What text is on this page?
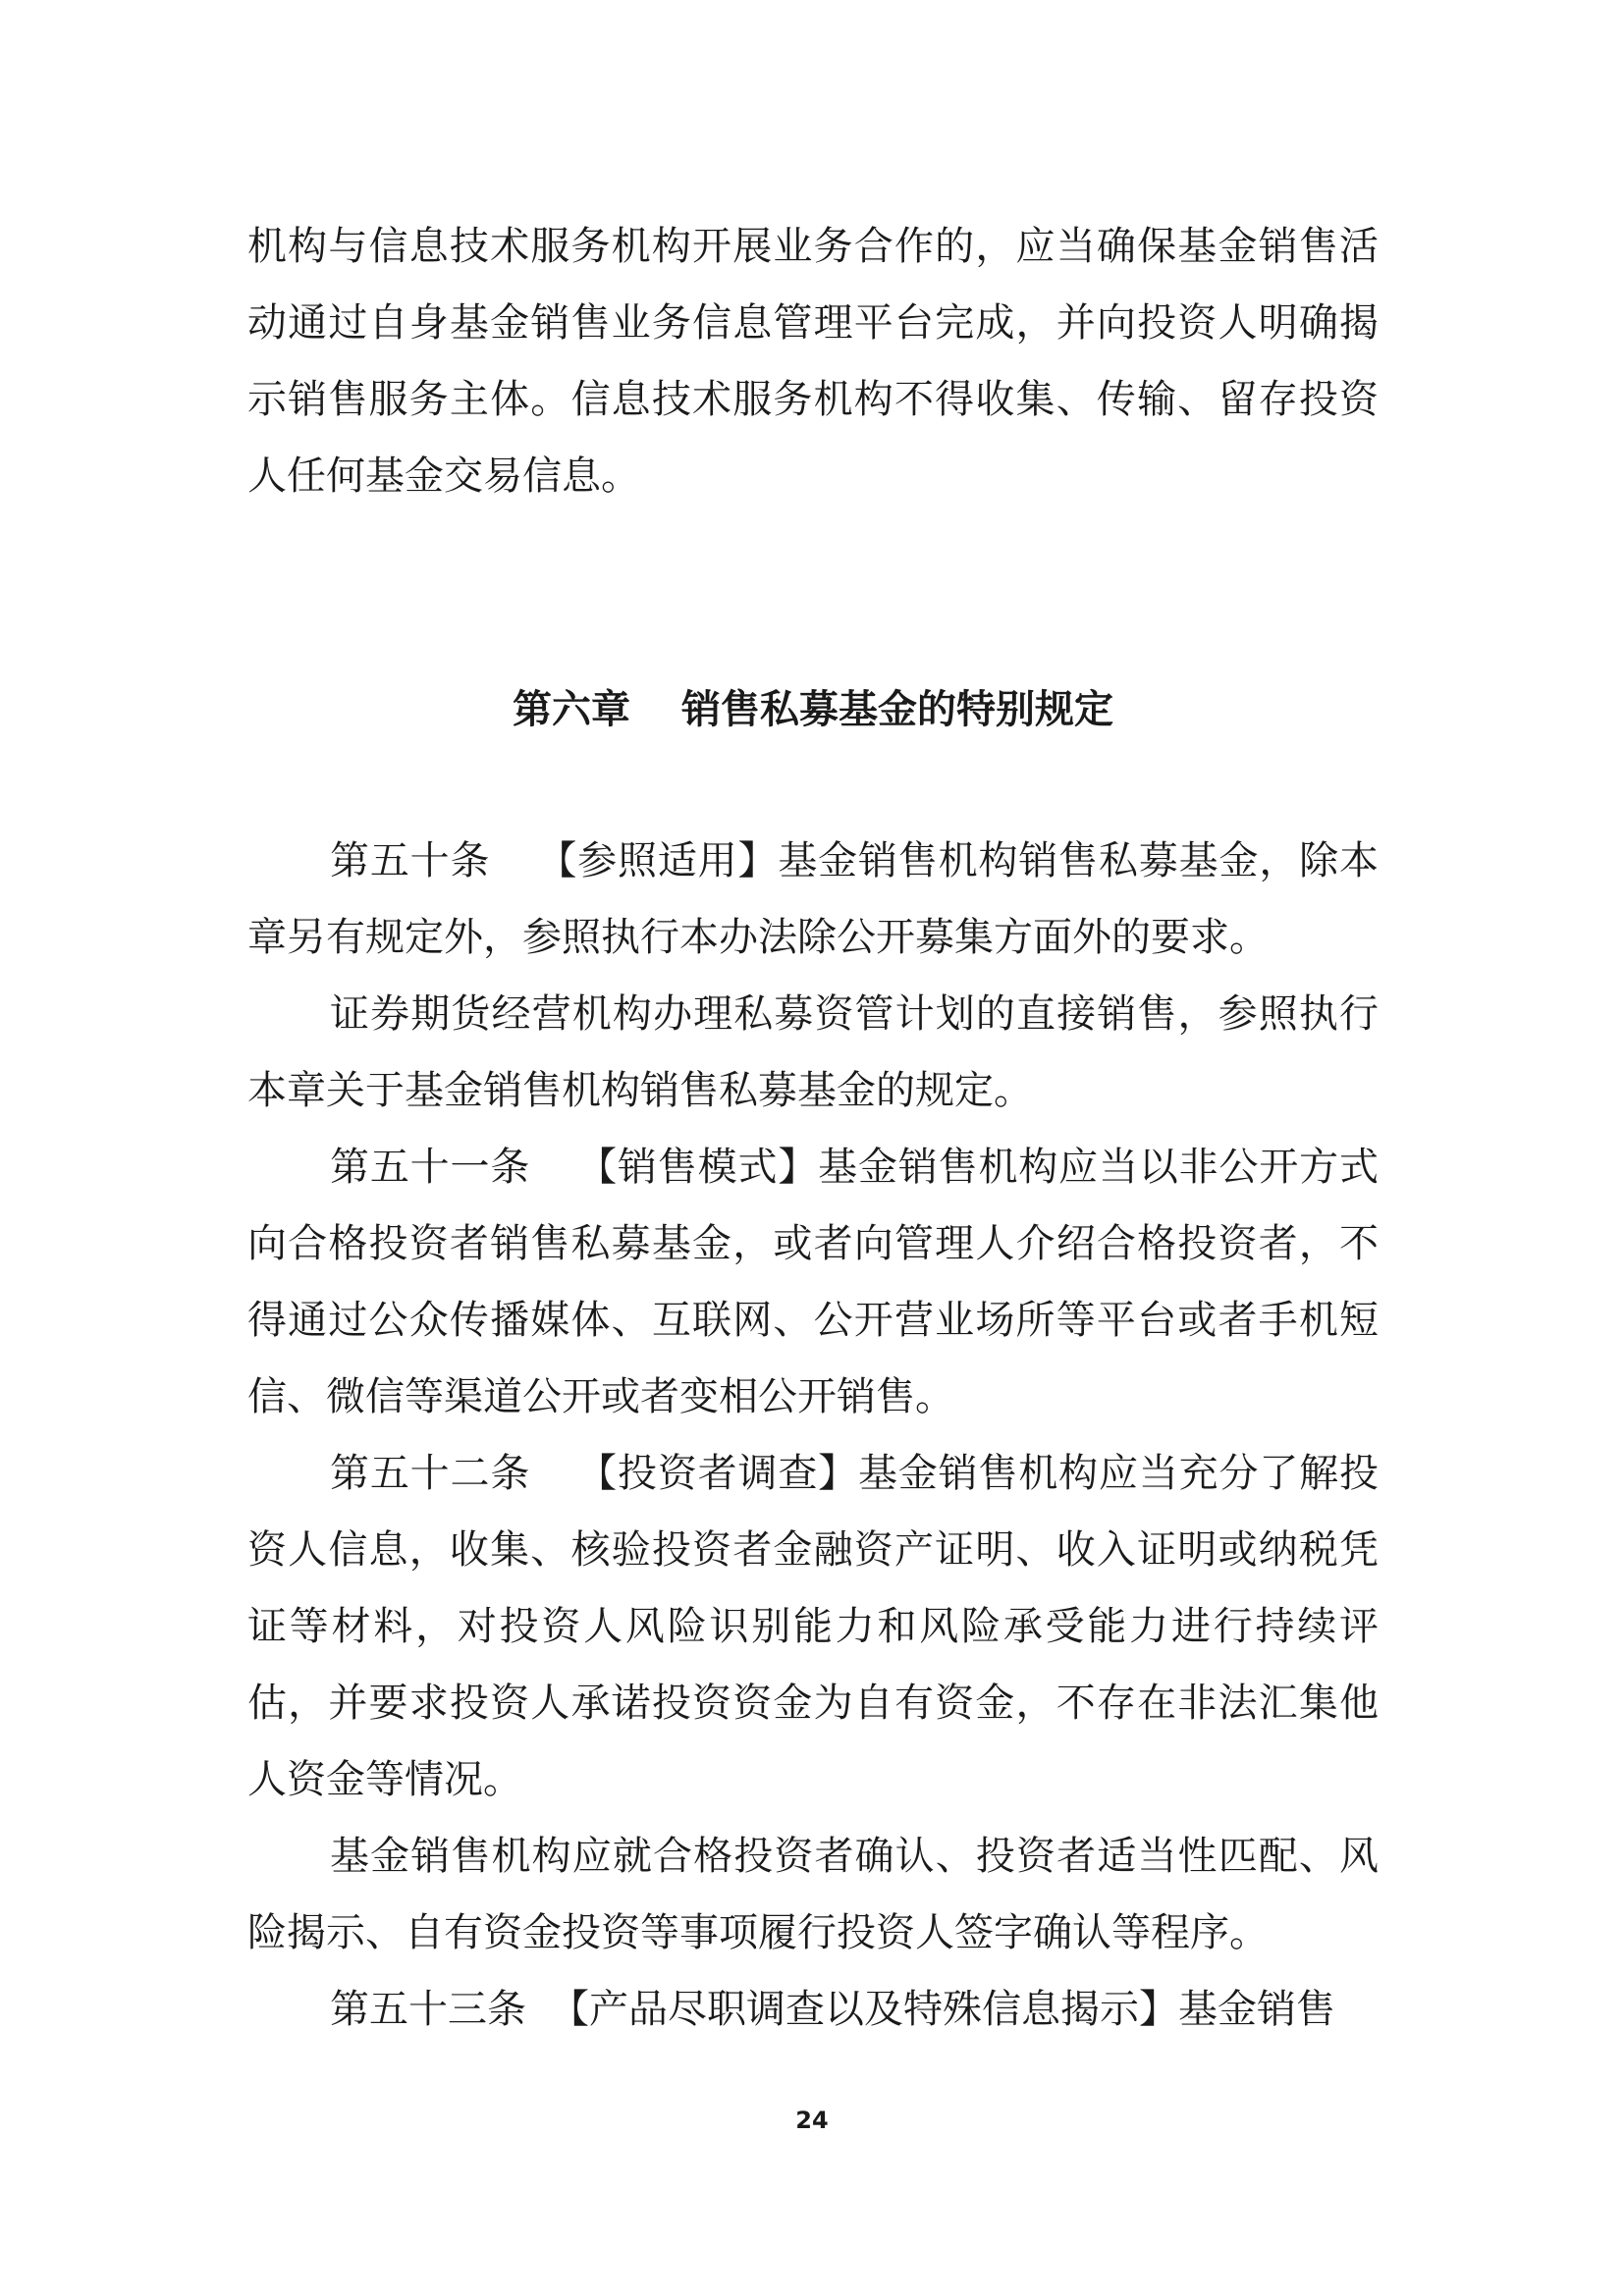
机构与信息技术服务机构开展业务合作的，应当确保基金销售活动通过自身基金销售业务信息管理平台完成，并向投资人明确揭示销售服务主体。信息技术服务机构不得收集、传输、留存投资人任何基金交易信息。

第六章 销售私募基金的特别规定

第五十条 【参照适用】基金销售机构销售私募基金，除本章另有规定外，参照执行本办法除公开募集方面外的要求。

证券期货经营机构办理私募资管计划的直接销售，参照执行本章关于基金销售机构销售私募基金的规定。

第五十一条 【销售模式】基金销售机构应当以非公开方式向合格投资者销售私募基金，或者向管理人介绍合格投资者，不得通过公众传播媒体、互联网、公开营业场所等平台或者手机短信、微信等渠道公开或者变相公开销售。

第五十二条 【投资者调查】基金销售机构应当充分了解投资人信息，收集、核验投资者金融资产证明、收入证明或纳税凭证等材料，对投资人风险识别能力和风险承受能力进行持续评估，并要求投资人承诺投资资金为自有资金，不存在非法汇集他人资金等情况。

基金销售机构应就合格投资者确认、投资者适当性匹配、风险揭示、自有资金投资等事项履行投资人签字确认等程序。

第五十三条 【产品尽职调查以及特殊信息揭示】基金销售

24
